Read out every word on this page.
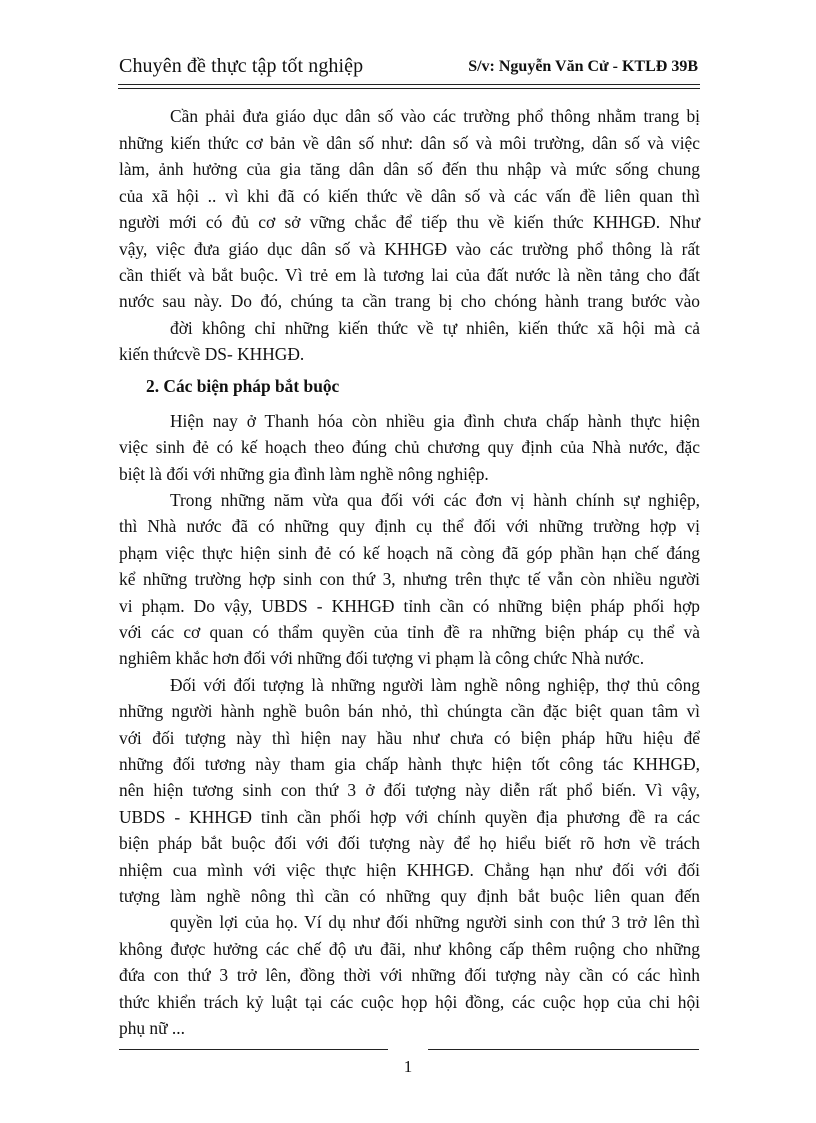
Chuyên đề thực tập tốt nghiệp	S/v: Nguyễn Văn Cử - KTLĐ 39B
Cần phải đưa giáo dục dân số vào các trường phổ thông nhằm trang bị
những kiến thức cơ bản về dân số như: dân số và môi trường, dân số và việc
làm, ảnh hưởng của gia tăng dân dân số đến thu nhập và mức sống chung
của xã hội .. vì khi đã có kiến thức về dân số và các vấn đề liên quan thì
người mới có đủ cơ sở vững chắc để tiếp thu về kiến thức KHHGĐ. Như
vậy, việc đưa giáo dục dân số và KHHGĐ vào các trường phổ thông là rất
cần thiết và bắt buộc. Vì trẻ em là tương lai của đất nước là nền tảng cho đất
nước sau này. Do đó, chúng ta cần trang bị cho chóng hành trang bước vào
đời không chỉ những kiến thức về tự nhiên, kiến thức xã hội mà cả
kiến thứcvề DS- KHHGĐ.
2. Các biện pháp bắt buộc
Hiện nay ở Thanh hóa còn nhiều gia đình chưa chấp hành thực hiện
việc sinh đẻ có kế hoạch theo đúng chủ chương quy định của Nhà nước, đặc
biệt là đối với những gia đình làm nghề nông nghiệp.
Trong những năm vừa qua đối với các đơn vị hành chính sự nghiệp,
thì Nhà nước đã có những quy định cụ thể đối với những trường hợp vị
phạm việc thực hiện sinh đẻ có kế hoạch nã còng đã góp phần hạn chế đáng
kể những trường hợp sinh con thứ 3, nhưng trên thực tế vẫn còn nhiều người
vi phạm. Do vậy, UBDS - KHHGĐ tỉnh cần có những biện pháp phối hợp
với các cơ quan có thẩm quyền của tỉnh đề ra những biện pháp cụ thể và
nghiêm khắc hơn đối với những đối tượng vi phạm là công chức Nhà nước.
Đối với đối tượng là những người làm nghề nông nghiệp, thợ thủ công
những người hành nghề buôn bán nhỏ, thì chúngta cần đặc biệt quan tâm vì
với đối tượng này thì hiện nay hầu như chưa có biện pháp hữu hiệu để
những đối tương này tham gia chấp hành thực hiện tốt công tác KHHGĐ,
nên hiện tương sinh con thứ 3 ở đối tượng này diễn rất phổ biến. Vì vậy,
UBDS - KHHGĐ tỉnh cần phối hợp với chính quyền địa phương đề ra các
biện pháp bắt buộc đối với đối tượng này để họ hiểu biết rõ hơn về trách
nhiệm cua mình với việc thực hiện KHHGĐ. Chẳng hạn như đối với đối
tượng làm nghề nông thì cần có những quy định bắt buộc liên quan đến
quyền lợi của họ. Ví dụ như đối những người sinh con thứ 3 trở lên thì
không được hưởng các chế độ ưu đãi, như không cấp thêm ruộng cho những
đứa con thứ 3 trở lên, đồng thời với những đối tượng này cần có các hình
thức khiển trách kỷ luật tại các cuộc họp hội đồng, các cuộc họp của chi hội
phụ nữ ...
1
